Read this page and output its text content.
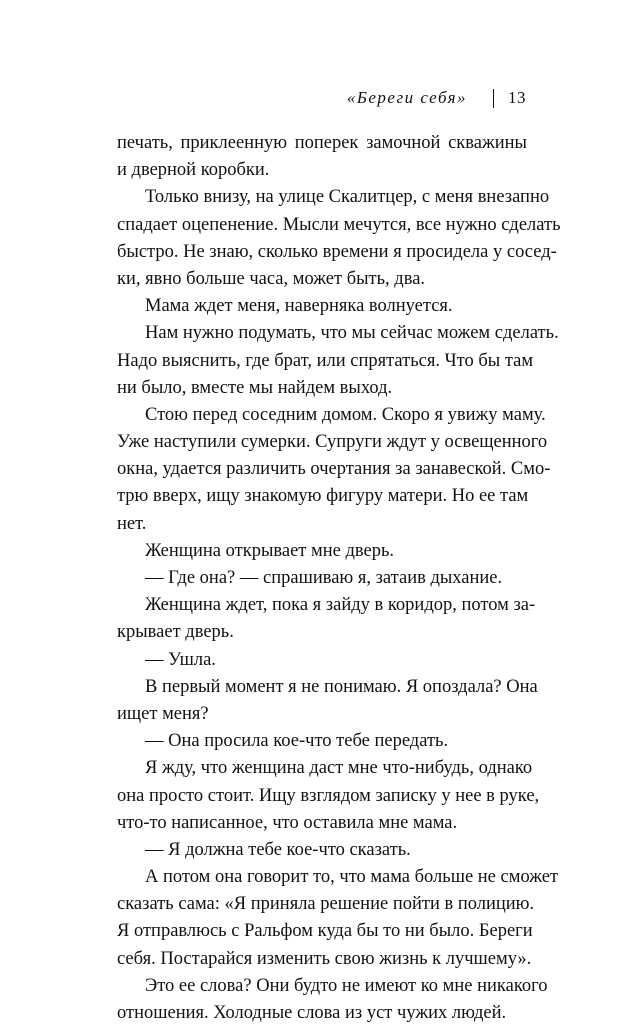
«Береги себя» 13
печать, приклеенную поперек замочной скважины
и дверной коробки.
Только внизу, на улице Скалитцер, с меня внезапно
спадает оцепенение. Мысли мечутся, все нужно сделать
быстро. Не знаю, сколько времени я просидела у сосед-
ки, явно больше часа, может быть, два.
Мама ждет меня, наверняка волнуется.
Нам нужно подумать, что мы сейчас можем сделать.
Надо выяснить, где брат, или спрятаться. Что бы там
ни было, вместе мы найдем выход.
Стою перед соседним домом. Скоро я увижу маму.
Уже наступили сумерки. Супруги ждут у освещенного
окна, удается различить очертания за занавеской. Смо-
трю вверх, ищу знакомую фигуру матери. Но ее там
нет.
Женщина открывает мне дверь.
— Где она? — спрашиваю я, затаив дыхание.
Женщина ждет, пока я зайду в коридор, потом за-
крывает дверь.
— Ушла.
В первый момент я не понимаю. Я опоздала? Она
ищет меня?
— Она просила кое-что тебе передать.
Я жду, что женщина даст мне что-нибудь, однако
она просто стоит. Ищу взглядом записку у нее в руке,
что-то написанное, что оставила мне мама.
— Я должна тебе кое-что сказать.
А потом она говорит то, что мама больше не сможет
сказать сама: «Я приняла решение пойти в полицию.
Я отправлюсь с Ральфом куда бы то ни было. Береги
себя. Постарайся изменить свою жизнь к лучшему».
Это ее слова? Они будто не имеют ко мне никакого
отношения. Холодные слова из уст чужих людей.
